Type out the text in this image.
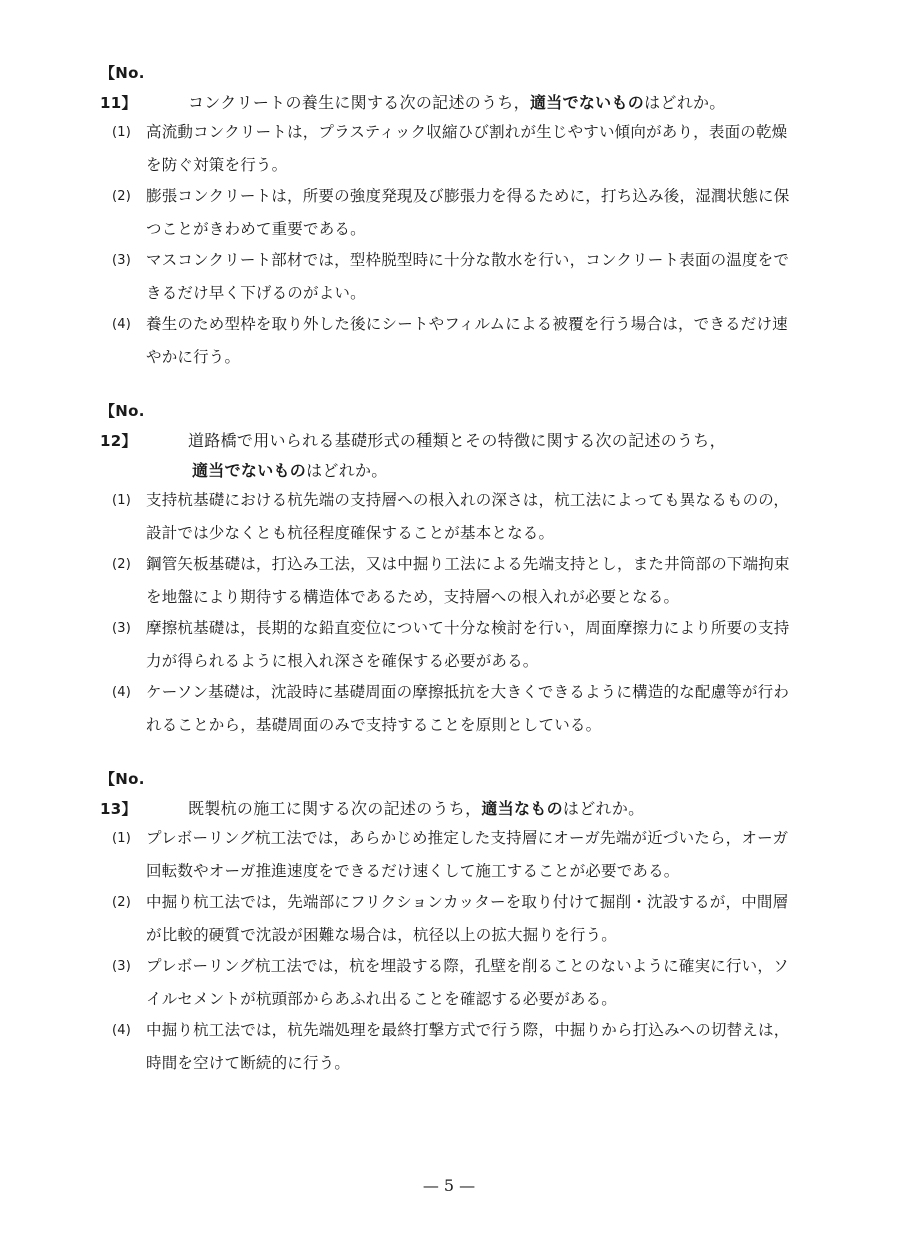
【No.　11】	コンクリートの養生に関する次の記述のうち，適当でないものはどれか。
(1) 高流動コンクリートは，プラスティック収縮ひび割れが生じやすい傾向があり，表面の乾燥を防ぐ対策を行う。
(2) 膨張コンクリートは，所要の強度発現及び膨張力を得るために，打ち込み後，湿潤状態に保つことがきわめて重要である。
(3) マスコンクリート部材では，型枠脱型時に十分な散水を行い，コンクリート表面の温度をできるだけ早く下げるのがよい。
(4) 養生のため型枠を取り外した後にシートやフィルムによる被覆を行う場合は，できるだけ速やかに行う。
【No.　12】	道路橋で用いられる基礎形式の種類とその特徴に関する次の記述のうち，
適当でないものはどれか。
(1) 支持杭基礎における杭先端の支持層への根入れの深さは，杭工法によっても異なるものの，設計では少なくとも杭径程度確保することが基本となる。
(2) 鋼管矢板基礎は，打込み工法，又は中掘り工法による先端支持とし，また井筒部の下端拘束を地盤により期待する構造体であるため，支持層への根入れが必要となる。
(3) 摩擦杭基礎は，長期的な鉛直変位について十分な検討を行い，周面摩擦力により所要の支持力が得られるように根入れ深さを確保する必要がある。
(4) ケーソン基礎は，沈設時に基礎周面の摩擦抵抗を大きくできるように構造的な配慮等が行われることから，基礎周面のみで支持することを原則としている。
【No.　13】	既製杭の施工に関する次の記述のうち，適当なものはどれか。
(1) プレボーリング杭工法では，あらかじめ推定した支持層にオーガ先端が近づいたら，オーガ回転数やオーガ推進速度をできるだけ速くして施工することが必要である。
(2) 中掘り杭工法では，先端部にフリクションカッターを取り付けて掘削・沈設するが，中間層が比較的硬質で沈設が困難な場合は，杭径以上の拡大掘りを行う。
(3) プレボーリング杭工法では，杭を埋設する際，孔壁を削ることのないように確実に行い，ソイルセメントが杭頭部からあふれ出ることを確認する必要がある。
(4) 中掘り杭工法では，杭先端処理を最終打撃方式で行う際，中掘りから打込みへの切替えは，時間を空けて断続的に行う。
— 5 —
